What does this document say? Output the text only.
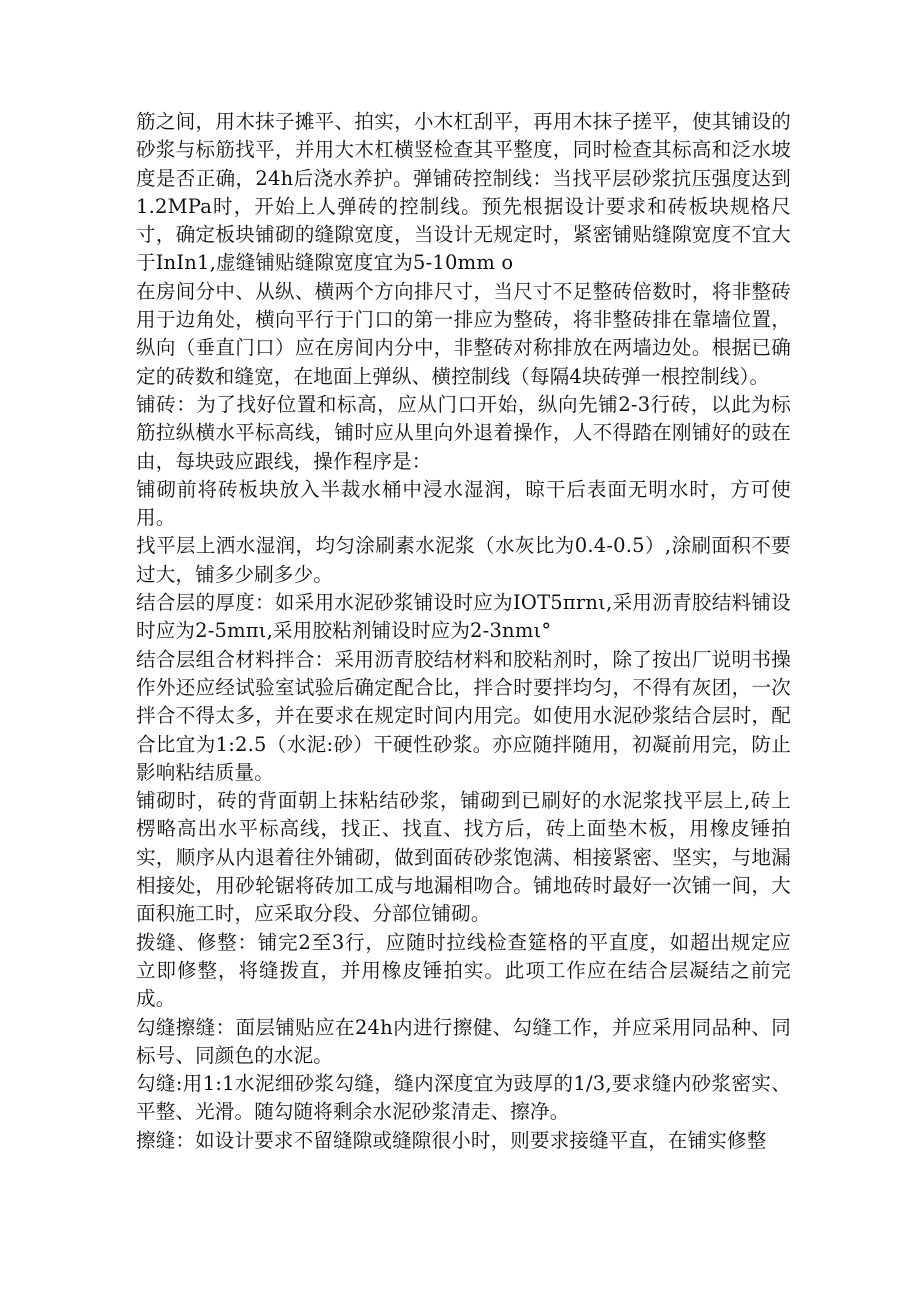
筋之间，用木抹子摊平、拍实，小木杠刮平，再用木抹子搓平，使其铺设的砂浆与标筋找平，并用大木杠横竖检查其平整度，同时检查其标高和泛水坡度是否正确，24h后浇水养护。弹铺砖控制线：当找平层砂浆抗压强度达到1.2MPa时，开始上人弹砖的控制线。预先根据设计要求和砖板块规格尺寸，确定板块铺砌的缝隙宽度，当设计无规定时，紧密铺贴缝隙宽度不宜大于InIn1,虚缝铺贴缝隙宽度宜为5-10mm o

在房间分中、从纵、横两个方向排尺寸，当尺寸不足整砖倍数时，将非整砖用于边角处，横向平行于门口的第一排应为整砖，将非整砖排在靠墙位置，纵向（垂直门口）应在房间内分中，非整砖对称排放在两墙边处。根据已确定的砖数和缝宽，在地面上弹纵、横控制线（每隔4块砖弹一根控制线）。

铺砖：为了找好位置和标高，应从门口开始，纵向先铺2-3行砖，以此为标筋拉纵横水平标高线，铺时应从里向外退着操作，人不得踏在刚铺好的豉在由，每块豉应跟线，操作程序是：

铺砌前将砖板块放入半裁水桶中浸水湿润，晾干后表面无明水时，方可使用。

找平层上洒水湿润，均匀涂刷素水泥浆（水灰比为0.4-0.5）,涂刷面积不要过大，铺多少刷多少。

结合层的厚度：如采用水泥砂浆铺设时应为IOT5πrnι,采用沥青胶结料铺设时应为2-5mπι,采用胶粘剂铺设时应为2-3nmι°

结合层组合材料拌合：采用沥青胶结材料和胶粘剂时，除了按出厂说明书操作外还应经试验室试验后确定配合比，拌合时要拌均匀，不得有灰团，一次拌合不得太多，并在要求在规定时间内用完。如使用水泥砂浆结合层时，配合比宜为1:2.5（水泥:砂）干硬性砂浆。亦应随拌随用，初凝前用完，防止影响粘结质量。

铺砌时，砖的背面朝上抹粘结砂浆，铺砌到已刷好的水泥浆找平层上,砖上楞略高出水平标高线，找正、找直、找方后，砖上面垫木板，用橡皮锤拍实，顺序从内退着往外铺砌，做到面砖砂浆饱满、相接紧密、坚实，与地漏相接处，用砂轮锯将砖加工成与地漏相吻合。铺地砖时最好一次铺一间，大面积施工时，应采取分段、分部位铺砌。

拨缝、修整：铺完2至3行，应随时拉线检查筵格的平直度，如超出规定应立即修整，将缝拨直，并用橡皮锤拍实。此项工作应在结合层凝结之前完成。

勾缝擦缝：面层铺贴应在24h内进行擦健、勾缝工作，并应采用同品种、同标号、同颜色的水泥。

勾缝:用1:1水泥细砂浆勾缝，缝内深度宜为豉厚的1/3,要求缝内砂浆密实、平整、光滑。随勾随将剩余水泥砂浆清走、擦净。

擦缝：如设计要求不留缝隙或缝隙很小时，则要求接缝平直，在铺实修整
